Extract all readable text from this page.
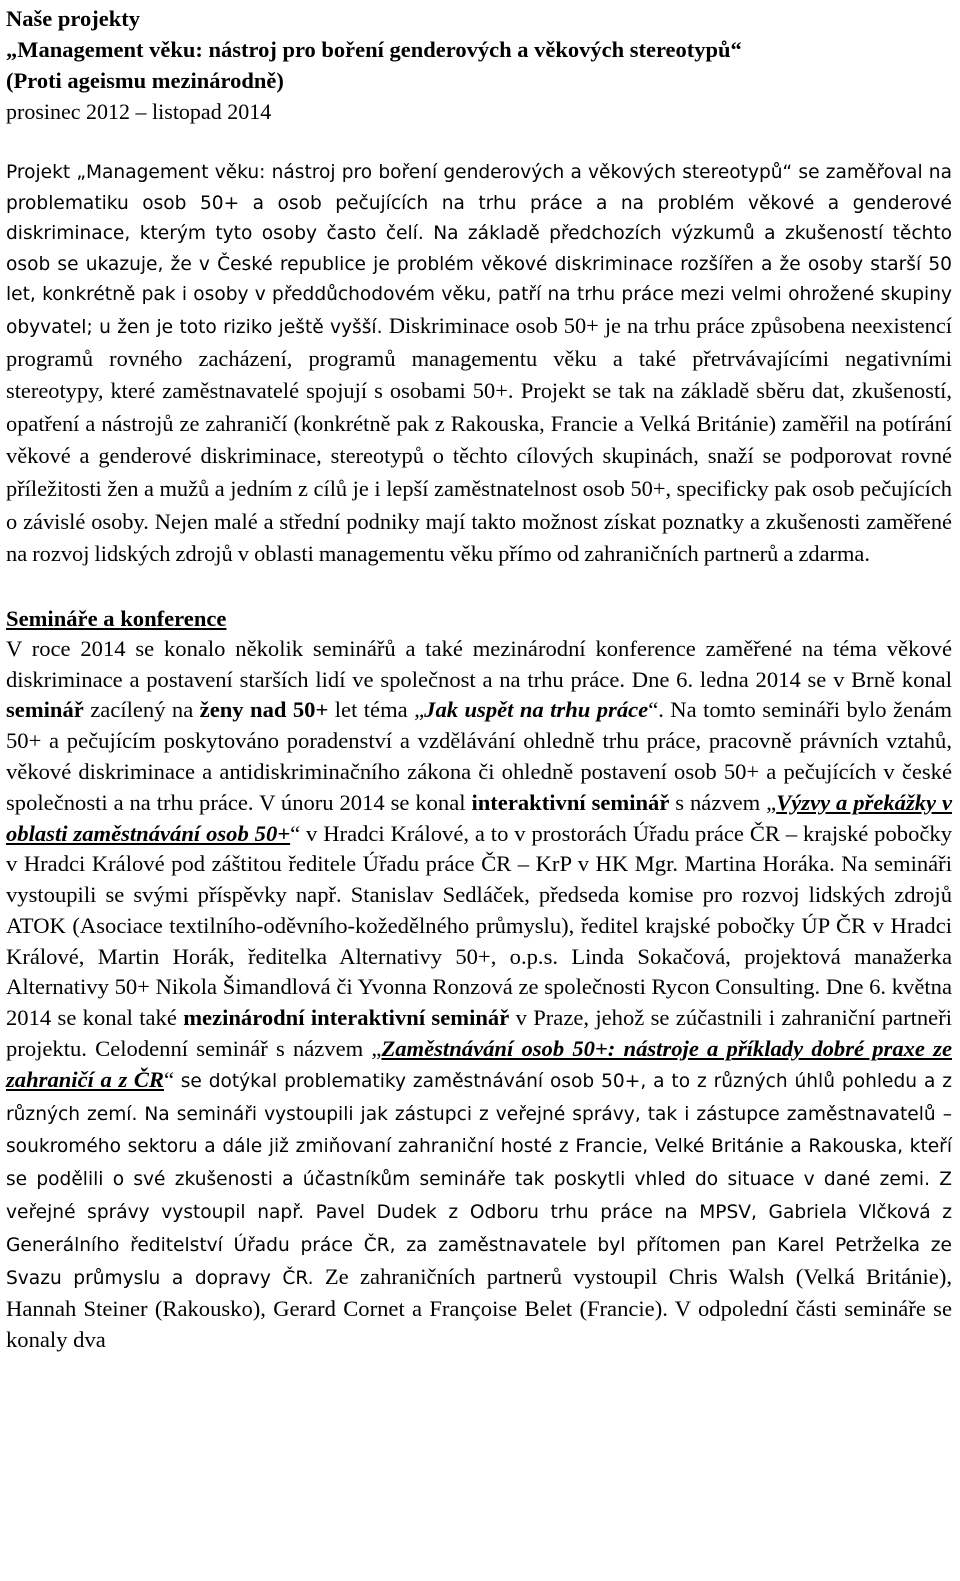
Naše projekty

„Management věku: nástroj pro boření genderových a věkových stereotypů“

(Proti ageismu mezinárodně)

prosinec 2012 – listopad 2014

Projekt „Management věku: nástroj pro boření genderových a věkových stereotypů“ se zaměřoval na problematiku osob 50+ a osob pečujících na trhu práce a na problém věkové a genderové diskriminace, kterým tyto osoby často čelí. Na základě předchozích výzkumů a zkušeností těchto osob se ukazuje, že v České republice je problém věkové diskriminace rozšířen a že osoby starší 50 let, konkrétně pak i osoby v předdůchodovém věku, patří na trhu práce mezi velmi ohrožené skupiny obyvatel; u žen je toto riziko ještě vyšší. Diskriminace osob 50+ je na trhu práce způsobena neexistencí programů rovného zacházení, programů managementu věku a také přetrvávajícími negativními stereotypy, které zaměstnavatelé spojují s osobami 50+. Projekt se tak na základě sběru dat, zkušeností, opatření a nástrojů ze zahraničí (konkrétně pak z Rakouska, Francie a Velká Británie) zaměřil na potírání věkové a genderové diskriminace, stereotypů o těchto cílových skupinách, snaží se podporovat rovné příležitosti žen a mužů a jedním z cílů je i lepší zaměstnatelnost osob 50+, specificky pak osob pečujících o závislé osoby. Nejen malé a střední podniky mají takto možnost získat poznatky a zkušenosti zaměřené na rozvoj lidských zdrojů v oblasti managementu věku přímo od zahraničních partnerů a zdarma.

Semináře a konference

V roce 2014 se konalo několik seminářů a také mezinárodní konference zaměřené na téma věkové diskriminace a postavení starších lidí ve společnost a na trhu práce. Dne 6. ledna 2014 se v Brně konal seminář zacílený na ženy nad 50+ let téma „Jak uspět na trhu práce“. Na tomto semináři bylo ženám 50+ a pečujícím poskytováno poradenství a vzdělávání ohledně trhu práce, pracovně právních vztahů, věkové diskriminace a antidiskriminačního zákona či ohledně postavení osob 50+ a pečujících v české společnosti a na trhu práce. V únoru 2014 se konal interaktivní seminář s názvem „Výzvy a překážky v oblasti zaměstnávání osob 50+“ v Hradci Králové, a to v prostorách Úřadu práce ČR – krajské pobočky v Hradci Králové pod záštitou ředitele Úřadu práce ČR – KrP v HK Mgr. Martina Horáka. Na semináři vystoupili se svými příspěvky např. Stanislav Sedláček, předseda komise pro rozvoj lidských zdrojů ATOK (Asociace textilního-oděvního-kožedělného průmyslu), ředitel krajské pobočky ÚP ČR v Hradci Králové, Martin Horák, ředitelka Alternativy 50+, o.p.s. Linda Sokačová, projektová manažerka Alternativy 50+ Nikola Šimandlová či Yvonna Ronzová ze společnosti Rycon Consulting. Dne 6. května 2014 se konal také mezinárodní interaktivní seminář v Praze, jehož se zúčastnili i zahraniční partneři projektu. Celodenní seminář s názvem „Zaměstnávání osob 50+: nástroje a příklady dobré praxe ze zahraničí a z ČR“ se dotýkal problematiky zaměstnávání osob 50+, a to z různých úhlů pohledu a z různých zemí. Na semináři vystoupili jak zástupci z veřejné správy, tak i zástupce zaměstnavatelů – soukromého sektoru a dále již zmiňovaní zahraniční hosté z Francie, Velké Británie a Rakouska, kteří se podělili o své zkušenosti a účastníkům semináře tak poskytli vhled do situace v dané zemi. Z veřejné správy vystoupil např. Pavel Dudek z Odboru trhu práce na MPSV, Gabriela Vlčková z Generálního ředitelství Úřadu práce ČR, za zaměstnavatele byl přítomen pan Karel Petrželka ze Svazu průmyslu a dopravy ČR. Ze zahraničních partnerů vystoupil Chris Walsh (Velká Británie), Hannah Steiner (Rakousko), Gerard Cornet a Françoise Belet (Francie). V odpolední části semináře se konaly dva
